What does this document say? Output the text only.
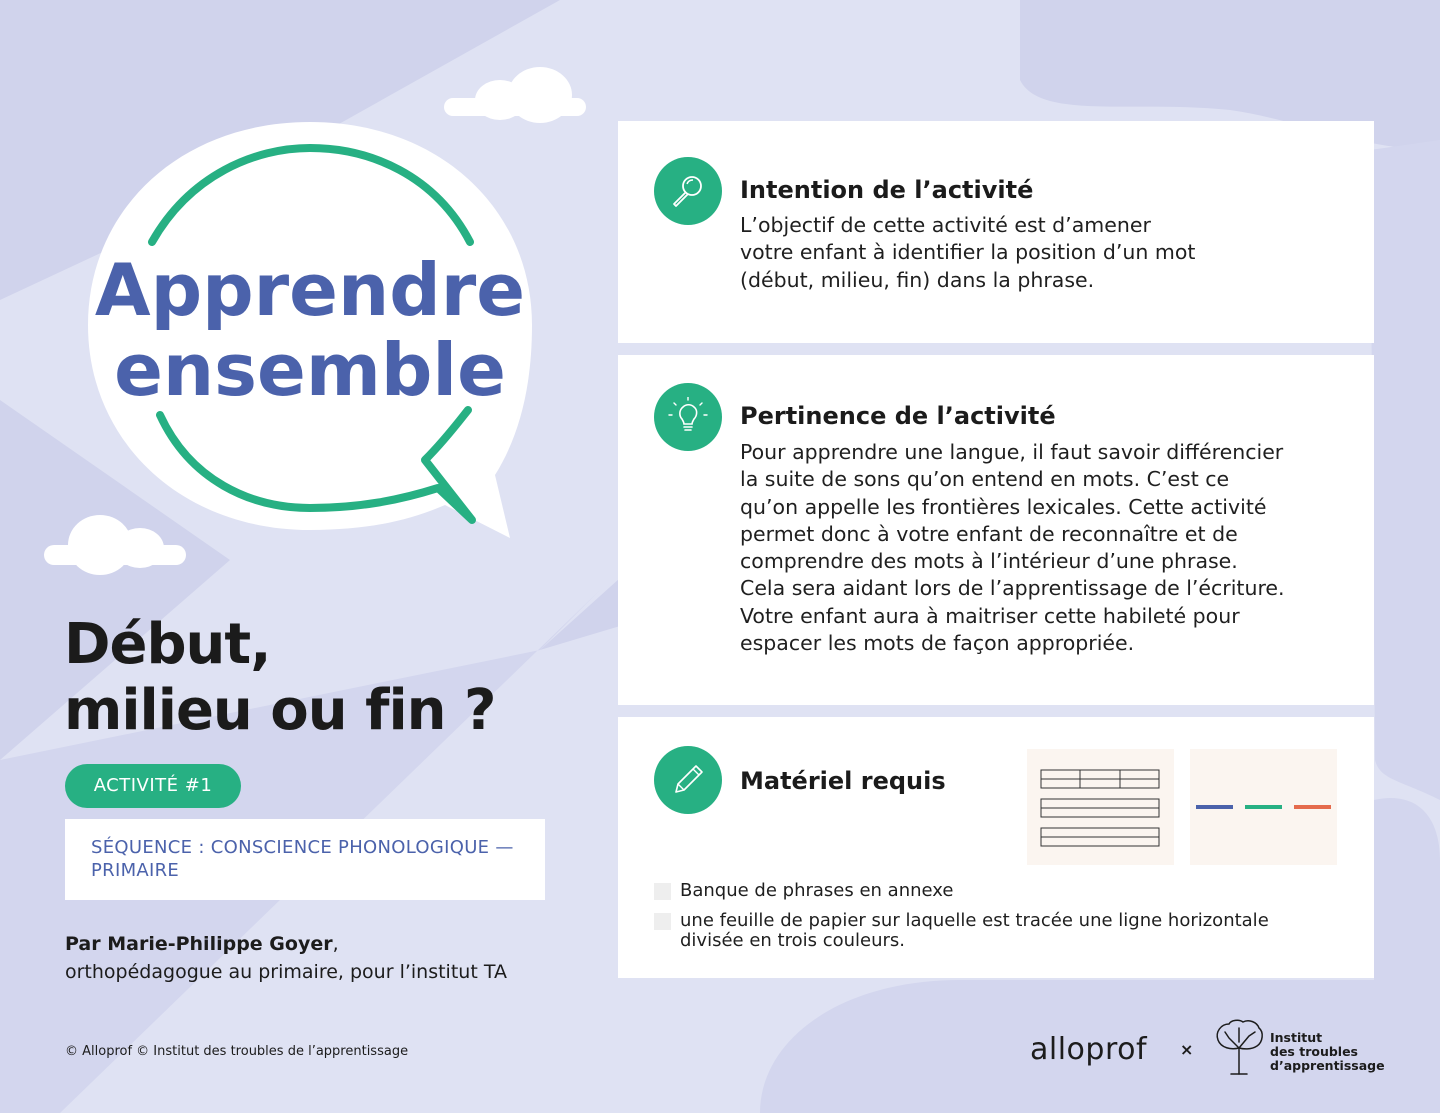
Apprendre
ensemble
Début,
milieu ou fin ?
ACTIVITÉ #1
SÉQUENCE : CONSCIENCE PHONOLOGIQUE —
PRIMAIRE
Par Marie-Philippe Goyer,
orthopédagogue au primaire, pour l’institut TA
© Alloprof © Institut des troubles de l’apprentissage
Intention de l’activité

L’objectif de cette activité est d’amener
votre enfant à identifier la position d’un mot
(début, milieu, fin) dans la phrase.

Pertinence de l’activité

Pour apprendre une langue, il faut savoir différencier
la suite de sons qu’on entend en mots. C’est ce
qu’on appelle les frontières lexicales. Cette activité
permet donc à votre enfant de reconnaître et de
comprendre des mots à l’intérieur d’une phrase.
Cela sera aidant lors de l’apprentissage de l’écriture.
Votre enfant aura à maitriser cette habileté pour
espacer les mots de façon appropriée.

Matériel requis
Banque de phrases en annexe
une feuille de papier sur laquelle est tracée une ligne horizontale
divisée en trois couleurs.
alloprof ×
Institut
des troubles
d’apprentissage
